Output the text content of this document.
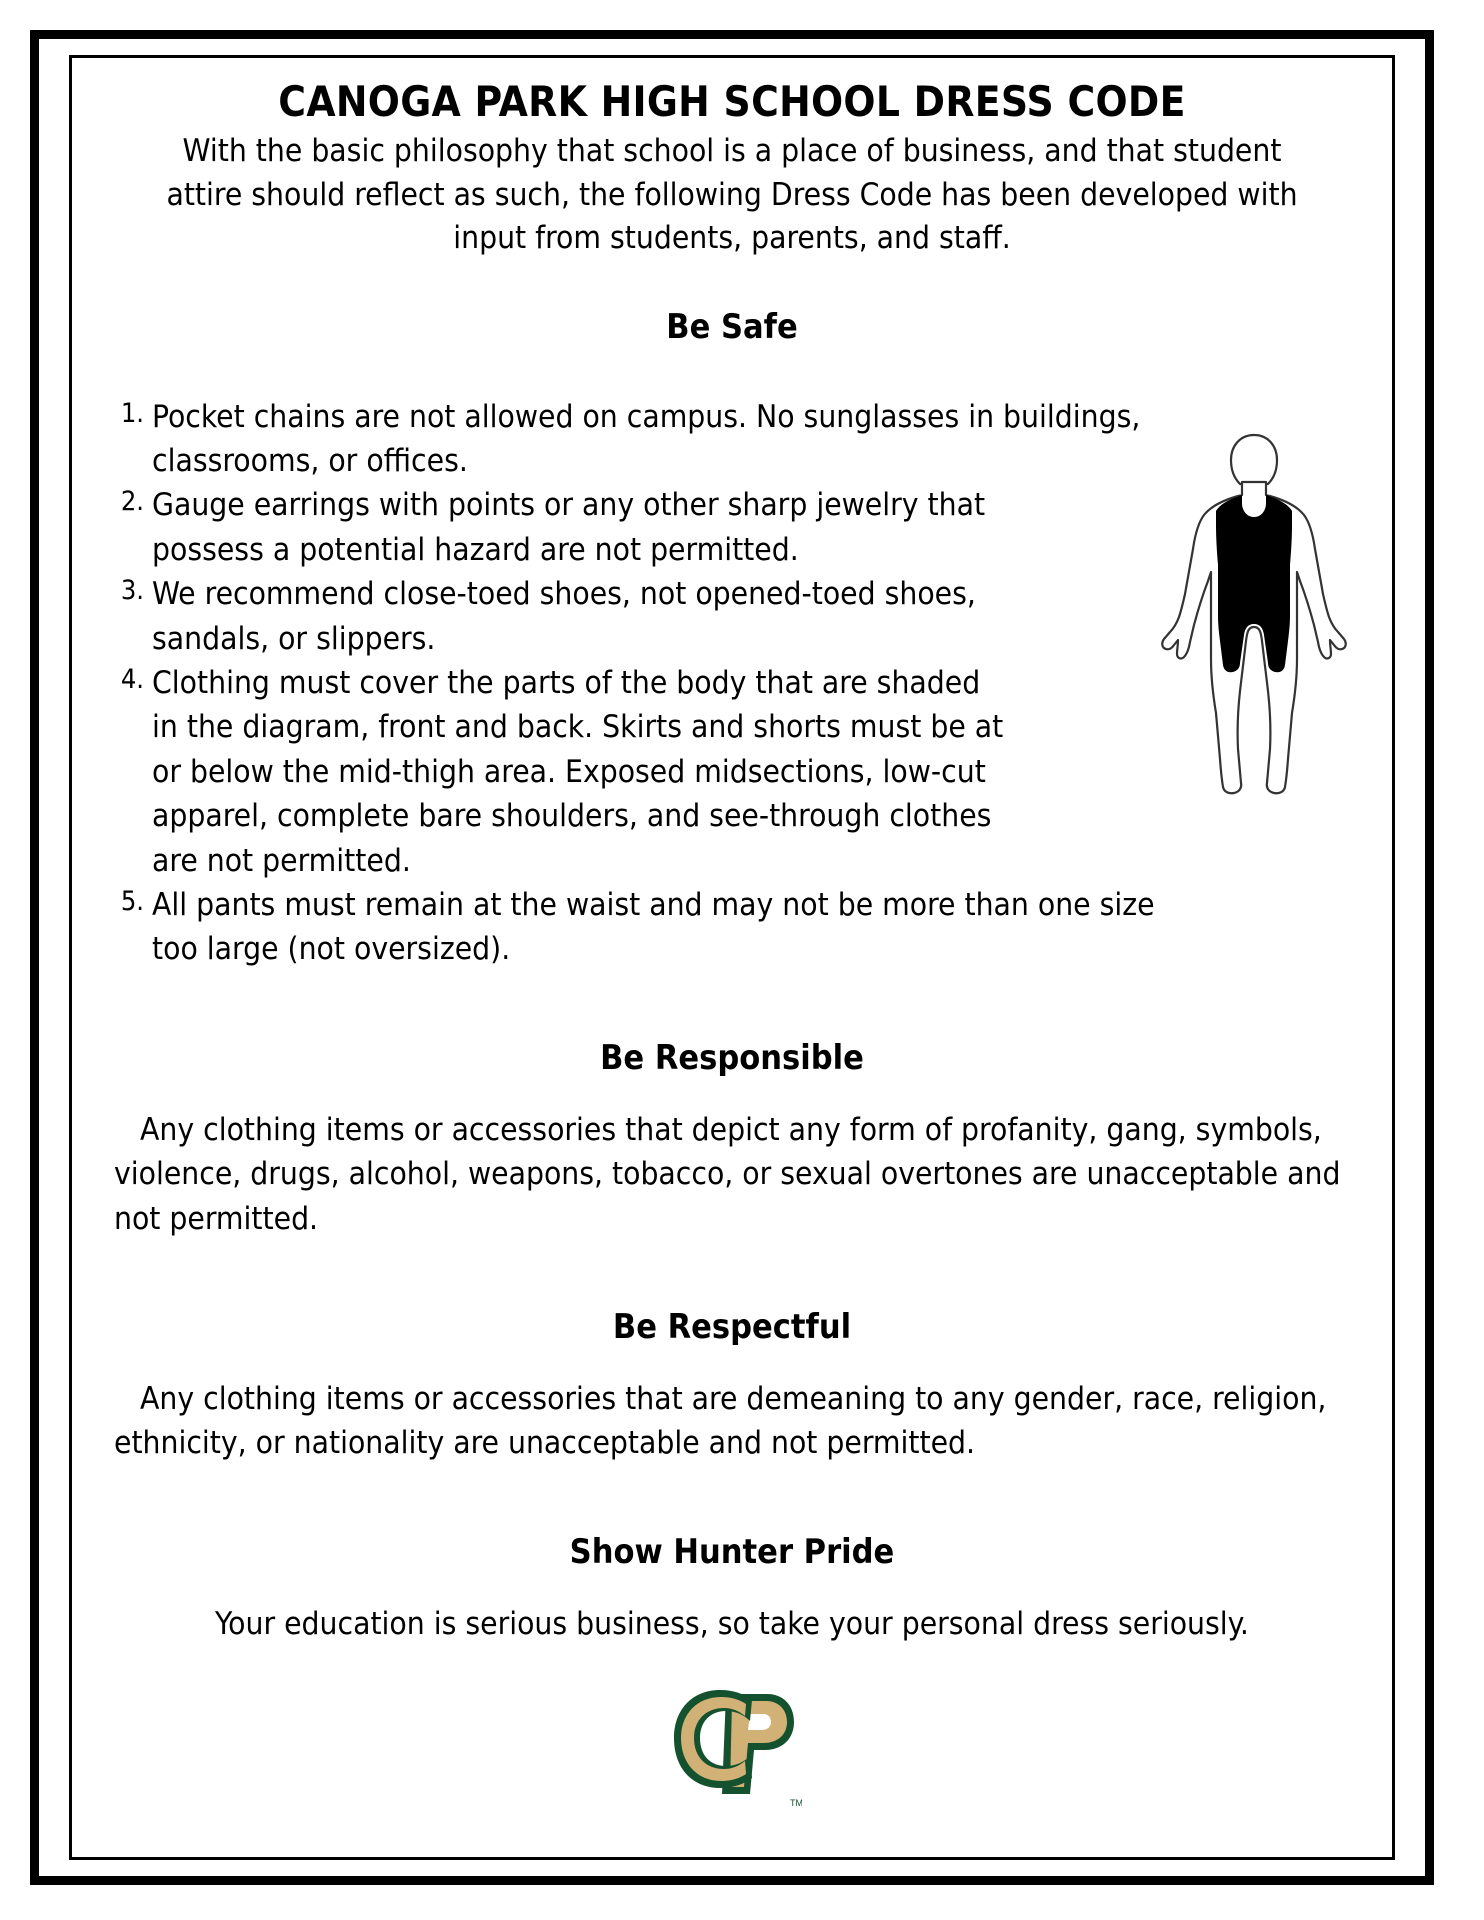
CANOGA PARK HIGH SCHOOL DRESS CODE

With the basic philosophy that school is a place of business, and that student attire should reflect as such, the following Dress Code has been developed with input from students, parents, and staff.

Be Safe
1. Pocket chains are not allowed on campus. No sunglasses in buildings, classrooms, or offices.
2. Gauge earrings with points or any other sharp jewelry that possess a potential hazard are not permitted.
3. We recommend close-toed shoes, not opened-toed shoes, sandals, or slippers.
4. Clothing must cover the parts of the body that are shaded in the diagram, front and back. Skirts and shorts must be at or below the mid-thigh area. Exposed midsections, low-cut apparel, complete bare shoulders, and see-through clothes are not permitted.
5. All pants must remain at the waist and may not be more than one size too large (not oversized).
Be Responsible

Any clothing items or accessories that depict any form of profanity, gang, symbols, violence, drugs, alcohol, weapons, tobacco, or sexual overtones are unacceptable and not permitted.

Be Respectful

Any clothing items or accessories that are demeaning to any gender, race, religion, ethnicity, or nationality are unacceptable and not permitted.

Show Hunter Pride

Your education is serious business, so take your personal dress seriously.

TM
